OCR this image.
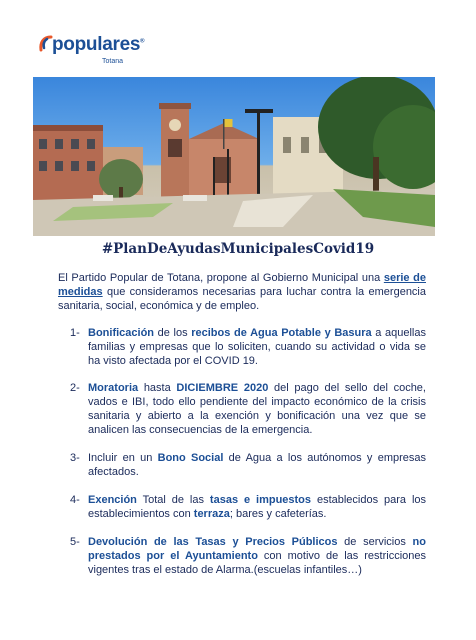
populares®
Totana
#PlanDeAyudasMunicipalesCovid19
El Partido Popular de Totana, propone al Gobierno Municipal una serie de medidas que consideramos necesarias para luchar contra la emergencia sanitaria, social, económica y de empleo.
1- Bonificación de los recibos de Agua Potable y Basura a aquellas familias y empresas que lo soliciten, cuando su actividad o vida se ha visto afectada por el COVID 19.
2- Moratoria hasta DICIEMBRE 2020 del pago del sello del coche, vados e IBI, todo ello pendiente del impacto económico de la crisis sanitaria y abierto a la exención y bonificación una vez que se analicen las consecuencias de la emergencia.
3- Incluir en un Bono Social de Agua a los autónomos y empresas afectados.
4- Exención Total de las tasas e impuestos establecidos para los establecimientos con terraza; bares y cafeterías.
5- Devolución de las Tasas y Precios Públicos de servicios no prestados por el Ayuntamiento con motivo de las restricciones vigentes tras el estado de Alarma.(escuelas infantiles…)
